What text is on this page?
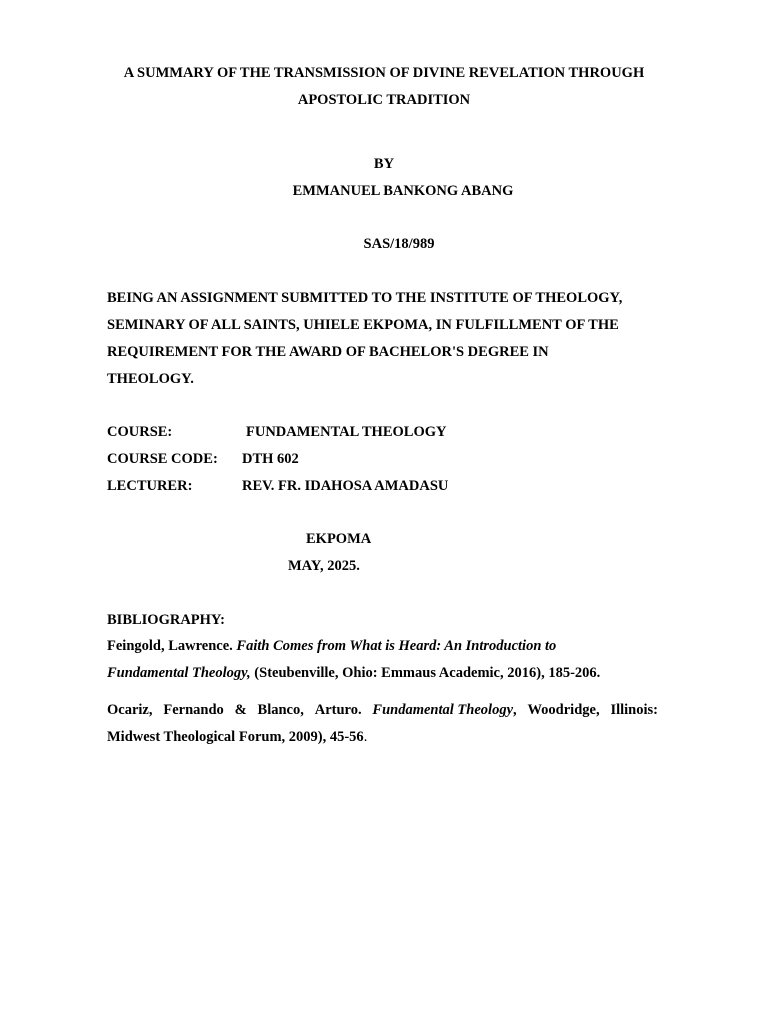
A SUMMARY OF THE TRANSMISSION OF DIVINE REVELATION THROUGH
APOSTOLIC TRADITION
BY
EMMANUEL BANKONG ABANG
SAS/18/989
BEING AN ASSIGNMENT SUBMITTED TO THE INSTITUTE OF THEOLOGY,
SEMINARY OF ALL SAINTS, UHIELE EKPOMA, IN FULFILLMENT OF THE
REQUIREMENT FOR THE AWARD OF BACHELOR'S DEGREE IN
THEOLOGY.
COURSE:	FUNDAMENTAL THEOLOGY
COURSE CODE: DTH 602
LECTURER:	REV. FR. IDAHOSA AMADASU
EKPOMA
MAY, 2025.
BIBLIOGRAPHY:
Feingold, Lawrence. Faith Comes from What is Heard: An Introduction to
Fundamental Theology, (Steubenville, Ohio: Emmaus Academic, 2016), 185-206.
Ocariz, Fernando & Blanco, Arturo. Fundamental Theology, Woodridge, Illinois:
Midwest Theological Forum, 2009), 45-56.
